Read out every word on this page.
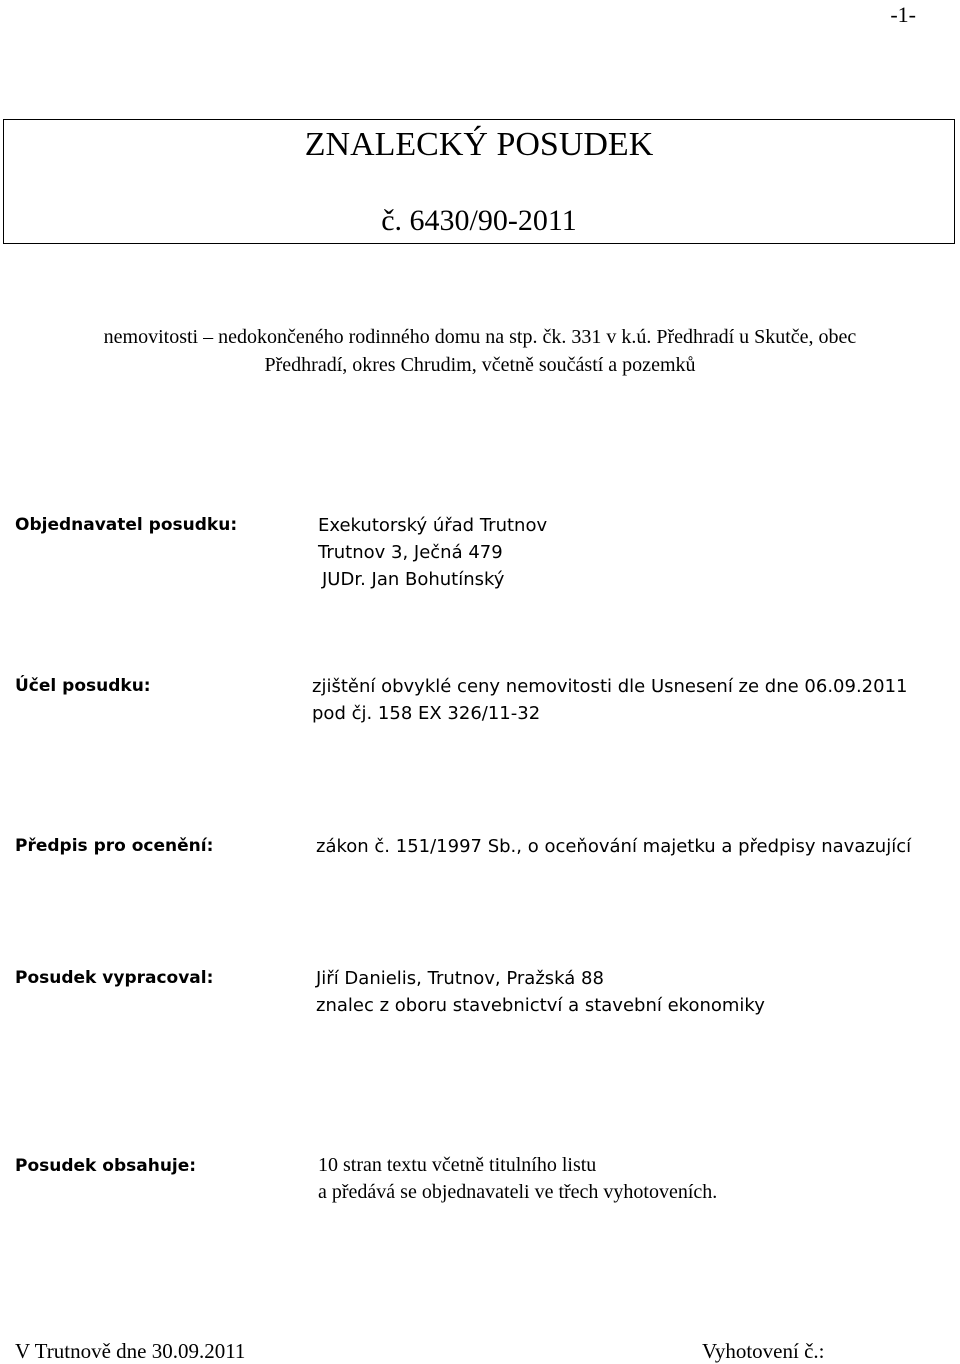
-1-
ZNALECKÝ POSUDEK
č. 6430/90-2011
nemovitosti – nedokončeného rodinného domu na stp. čk. 331 v k.ú. Předhradí u Skutče, obec
Předhradí, okres Chrudim, včetně součástí a pozemků
Objednavatel posudku:	Exekutorský úřad Trutnov
Trutnov 3, Ječná 479
JUDr. Jan Bohutínský
Účel posudku:	zjištění obvyklé ceny nemovitosti dle Usnesení ze dne 06.09.2011
pod čj. 158 EX 326/11-32
Předpis pro ocenění:	zákon č. 151/1997 Sb., o oceňování majetku a předpisy navazující
Posudek vypracoval:	Jiří Danielis, Trutnov, Pražská 88
znalec z oboru stavebnictví a stavební ekonomiky
Posudek obsahuje:	10 stran textu včetně titulního listu
a předává se objednavateli ve třech vyhotoveních.
V Trutnově dne 30.09.2011	Vyhotovení č.:
